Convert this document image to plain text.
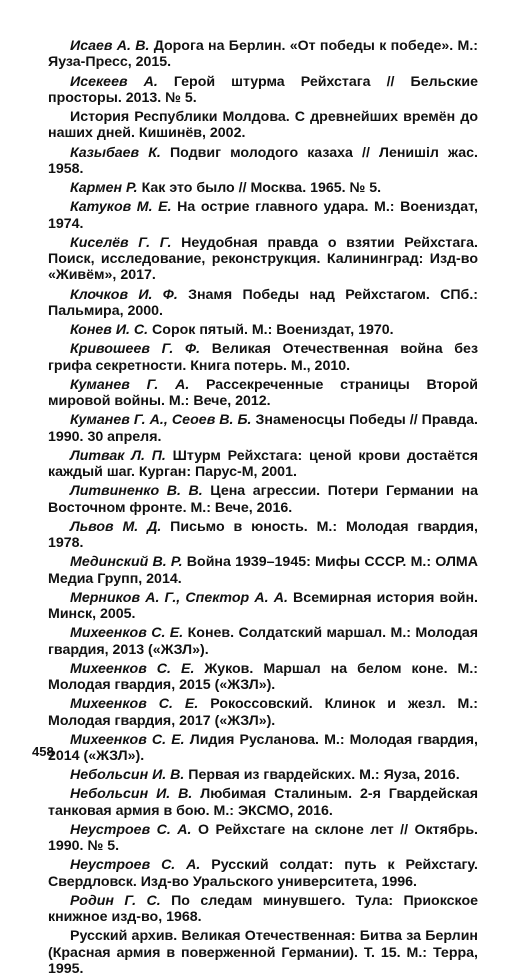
Исаев А. В. Дорога на Берлин. «От победы к победе». М.: Яуза-Пресс, 2015.

Исекеев А. Герой штурма Рейхстага // Бельские просторы. 2013. № 5.

История Республики Молдова. С древнейших времён до наших дней. Кишинёв, 2002.

Казыбаев К. Подвиг молодого казаха // Ленишіл жас. 1958.

Кармен Р. Как это было // Москва. 1965. № 5.

Катуков М. Е. На острие главного удара. М.: Воениздат, 1974.

Киселёв Г. Г. Неудобная правда о взятии Рейхстага. Поиск, исследование, реконструкция. Калининград: Изд-во «Живём», 2017.

Клочков И. Ф. Знамя Победы над Рейхстагом. СПб.: Пальмира, 2000.

Конев И. С. Сорок пятый. М.: Воениздат, 1970.

Кривошеев Г. Ф. Великая Отечественная война без грифа секретности. Книга потерь. М., 2010.

Куманев Г. А. Рассекреченные страницы Второй мировой войны. М.: Вече, 2012.

Куманев Г. А., Сеоев В. Б. Знаменосцы Победы // Правда. 1990. 30 апреля.

Литвак Л. П. Штурм Рейхстага: ценой крови достаётся каждый шаг. Курган: Парус-М, 2001.

Литвиненко В. В. Цена агрессии. Потери Германии на Восточном фронте. М.: Вече, 2016.

Львов М. Д. Письмо в юность. М.: Молодая гвардия, 1978.

Мединский В. Р. Война 1939–1945: Мифы СССР. М.: ОЛМА Медиа Групп, 2014.

Мерников А. Г., Спектор А. А. Всемирная история войн. Минск, 2005.

Михеенков С. Е. Конев. Солдатский маршал. М.: Молодая гвардия, 2013 («ЖЗЛ»).

Михеенков С. Е. Жуков. Маршал на белом коне. М.: Молодая гвардия, 2015 («ЖЗЛ»).

Михеенков С. Е. Рокоссовский. Клинок и жезл. М.: Молодая гвардия, 2017 («ЖЗЛ»).

Михеенков С. Е. Лидия Русланова. М.: Молодая гвардия, 2014 («ЖЗЛ»).

Небольсин И. В. Первая из гвардейских. М.: Яуза, 2016.

Небольсин И. В. Любимая Сталиным. 2-я Гвардейская танковая армия в бою. М.: ЭКСМО, 2016.

Неустроев С. А. О Рейхстаге на склоне лет // Октябрь. 1990. № 5.

Неустроев С. А. Русский солдат: путь к Рейхстагу. Свердловск. Изд-во Уральского университета, 1996.

Родин Г. С. По следам минувшего. Тула: Приокское книжное изд-во, 1968.

Русский архив. Великая Отечественная: Битва за Берлин (Красная армия в поверженной Германии). Т. 15. М.: Терра, 1995.

458
